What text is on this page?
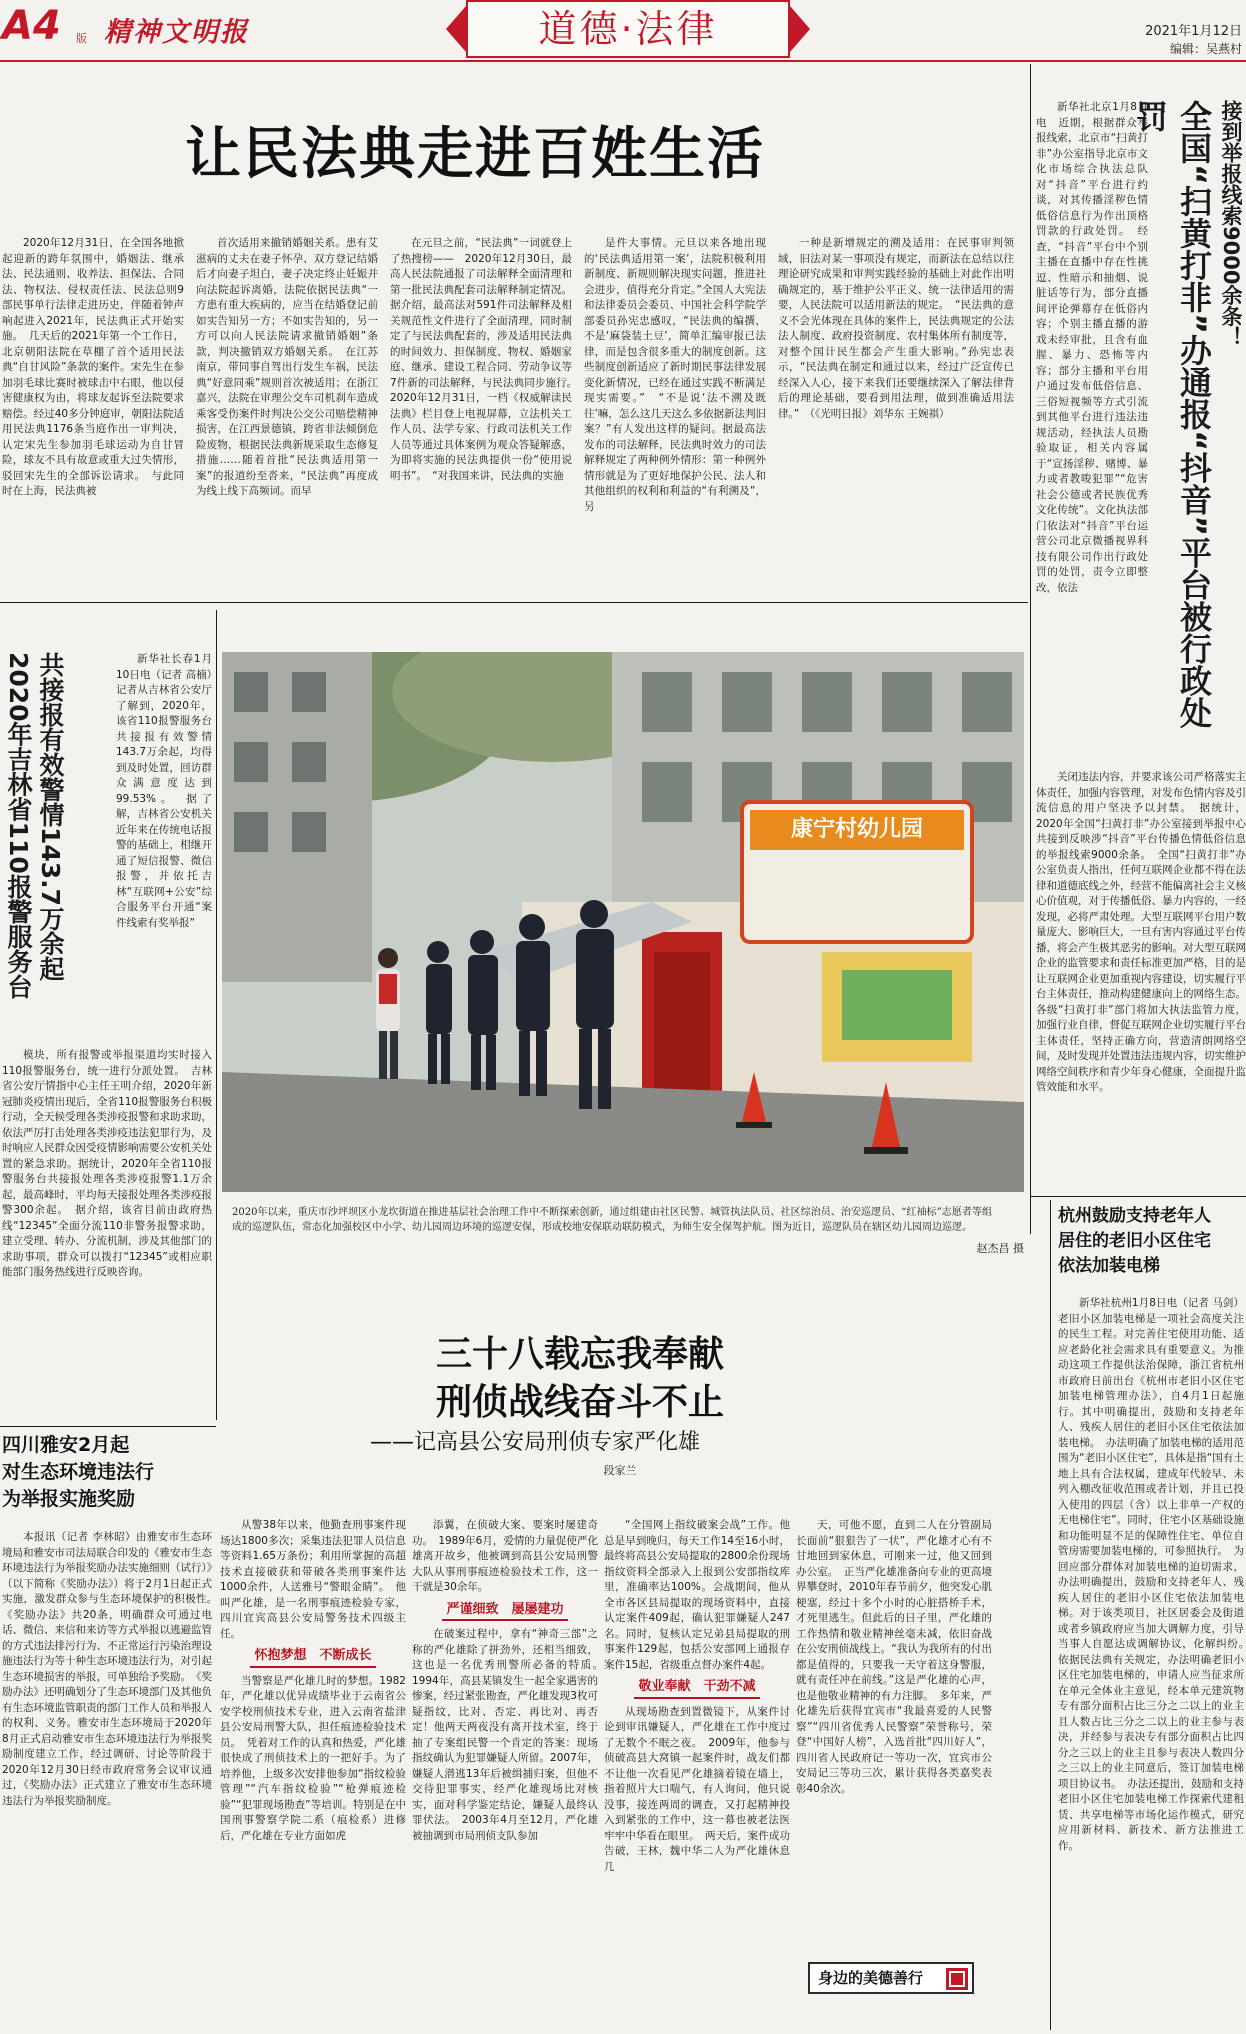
A4 版 精神文明报	道德·法律	2021年1月12日
编辑：吴燕村
让民法典走进百姓生活

2020年12月31日，在全国各地掀起迎新的跨年氛围中，婚姻法、继承法、民法通则、收养法、担保法、合同法、物权法、侵权责任法、民法总则9部民事单行法律走进历史，伴随着钟声响起进入2021年，民法典正式开始实施。　几天后的2021年第一个工作日，北京朝阳法院在草棚了首个适用民法典“自甘风险”条款的案件。宋先生在参加羽毛球比赛时被球击中右眼，他以侵害健康权为由，将球友起诉至法院要求赔偿。经过40多分钟庭审，朝阳法院适用民法典1176条当庭作出一审判决，认定宋先生参加羽毛球运动为自甘冒险，球友不具有故意或重大过失情形，驳回宋先生的全部诉讼请求。　与此同时在上海，民法典被

首次适用来撤销婚姻关系。患有艾滋病的丈夫在妻子怀孕、双方登记结婚后才向妻子坦白，妻子决定终止妊娠并向法院起诉离婚，法院依据民法典“一方患有重大疾病的，应当在结婚登记前如实告知另一方；不如实告知的，另一方可以向人民法院请求撤销婚姻”条款，判决撤销双方婚姻关系。　在江苏南京，带同事自驾出行发生车祸，民法典“好意同乘”规则首次被适用；在浙江嘉兴，法院在审理公交车司机刹车造成乘客受伤案件时判决公交公司赔偿精神损害，在江西景德镇，跨省非法倾倒危险废物，根据民法典新规采取生态修复措施……随着首批“民法典适用第一案”的报道纷至沓来，“民法典”再度成为线上线下高频词。而早

在元旦之前，“民法典”一词就登上了热搜榜——　2020年12月30日，最高人民法院通报了司法解释全面清理和第一批民法典配套司法解释制定情况。据介绍，最高法对591件司法解释及相关规范性文件进行了全面清理，同时制定了与民法典配套的，涉及适用民法典的时间效力、担保制度、物权、婚姻家庭、继承、建设工程合同、劳动争议等7件新的司法解释，与民法典同步施行。　2020年12月31日，一档《权威解读民法典》栏目登上电视屏幕，立法机关工作人员、法学专家、行政司法机关工作人员等通过具体案例为观众答疑解惑，为即将实施的民法典提供一份“使用说明书”。　“对我国来讲，民法典的实施

是件大事情。元旦以来各地出现的‘民法典适用第一案’，法院积极利用新制度、新规则解决现实问题，推进社会进步，值得充分肯定。”全国人大宪法和法律委员会委员、中国社会科学院学部委员孙宪忠感叹，“民法典的编撰，不是‘麻袋装土豆’，简单汇编审报已法律，而是包含很多重大的制度创新。这些制度创新适应了新时期民事法律发展变化新情况，已经在通过实践不断满足现实需要。”　“不是说‘法不溯及既往’嘛，怎么这几天这么多依据新法判旧案？”有人发出这样的疑问。据最高法发布的司法解释，民法典时效力的司法解释规定了两种例外情形：第一种例外情形就是为了更好地保护公民、法人和其他组织的权利和利益的“有利溯及”，另

一种是新增规定的溯及适用：在民事审判领域，旧法对某一事项没有规定，而新法在总结以往理论研究成果和审判实践经验的基础上对此作出明确规定的，基于维护公平正义、统一法律适用的需要，人民法院可以适用新法的规定。　“民法典的意义不会光体现在具体的案件上，民法典规定的公法法人制度、政府投资制度、农村集体所有制度等，对整个国计民生都会产生重大影响。”孙宪忠表示，“民法典在制定和通过以来，经过广泛宣传已经深入人心，接下来我们还要继续深入了解法律背后的理论基础，要看到用法理，做到准确适用法律。”　（《光明日报》刘华东 王婉祺）

新华社北京1月8日电　近期，根据群众举报线索，北京市“扫黄打非”办公室指导北京市文化市场综合执法总队对“抖音”平台进行约谈，对其传播淫秽色情低俗信息行为作出顶格罚款的行政处罚。　经查，“抖音”平台中个别主播在直播中存在性挑逗、性暗示和抽烟、说脏话等行为，部分直播间评论弹幕存在低俗内容；个别主播直播的游戏未经审批，且含有血腥、暴力、恐怖等内容；部分主播和平台用户通过发布低俗信息、三俗短视频等方式引流到其他平台进行违法违规活动，经执法人员勘验取证，相关内容属于“宣扬淫秽、赌博、暴力或者教唆犯罪”“危害社会公德或者民族优秀文化传统”。文化执法部门依法对“抖音”平台运营公司北京微播视界科技有限公司作出行政处罚的处罚，责令立即整改，依法

接到举报线索9000余条！
全国“扫黄打非”办通报“抖音”平台被行政处罚

关闭违法内容，并要求该公司严格落实主体责任，加强内容管理，对发布色情内容及引流信息的用户坚决予以封禁。　据统计，2020年全国“扫黄打非”办公室接到举报中心共接到反映涉“抖音”平台传播色情低俗信息的举报线索9000余条。　全国“扫黄打非”办公室负责人指出，任何互联网企业都不得在法律和道德底线之外，经营不能偏离社会主义核心价值观，对于传播低俗、暴力内容的，一经发现，必将严肃处理。大型互联网平台用户数量庞大、影响巨大，一旦有害内容通过平台传播，将会产生极其恶劣的影响。对大型互联网企业的监管要求和责任标准更加严格，目的是让互联网企业更加重视内容建设，切实履行平台主体责任，推动构建健康向上的网络生态。各级“扫黄打非”部门将加大执法监管力度，加强行业自律，督促互联网企业切实履行平台主体责任，坚持正确方向，营造清朗网络空间，及时发现并处置违法违规内容，切实维护网络空间秩序和青少年身心健康，全面提升监管效能和水平。

共接报有效警情143.7万余起
2020年吉林省110报警服务台	新华社长春1月10日电（记者 高楠）记者从吉林省公安厅了解到，2020年，该省110报警服务台共接报有效警情143.7万余起，均得到及时处置，回访群众满意度达到99.53%。　据了解，吉林省公安机关近年来在传统电话报警的基础上，相继开通了短信报警、微信报警，并依托吉林“互联网+公安”综合服务平台开通“案件线索有奖举报”

模块，所有报警或举报渠道均实时接入110报警服务台，统一进行分派处置。　吉林省公安厅情指中心主任王明介绍，2020年新冠肺炎疫情出现后，全省110报警服务台积极行动，全天候受理各类涉疫报警和求助求助，依法严厉打击处理各类涉疫违法犯罪行为，及时响应人民群众因受疫情影响需要公安机关处置的紧急求助。据统计，2020年全省110报警服务台共接报处理各类涉疫报警1.1万余起，最高峰时，平均每天接报处理各类涉疫报警300余起。　据介绍，该省目前由政府热线“12345”全面分流110非警务报警求助，建立受理、转办、分流机制，涉及其他部门的求助事项，群众可以拨打“12345”或相应职能部门服务热线进行反映咨询。

康宁村幼儿园
2020年以来，重庆市沙坪坝区小龙坎街道在推进基层社会治理工作中不断探索创新，通过组建由社区民警、城管执法队员、社区综治员、治安巡逻员、“红袖标”志愿者等组成的巡逻队伍，常态化加强校区中小学、幼儿园周边环境的巡逻安保，形成校地安保联动联防模式，为师生安全保驾护航。图为近日，巡逻队员在辖区幼儿园周边巡逻。
赵杰昌 摄
杭州鼓励支持老年人
居住的老旧小区住宅
依法加装电梯

新华社杭州1月8日电（记者 马剑）老旧小区加装电梯是一项社会高度关注的民生工程。对完善住宅使用功能、适应老龄化社会需求具有重要意义。为推动这项工作提供法治保障，浙江省杭州市政府日前出台《杭州市老旧小区住宅加装电梯管理办法》，自4月1日起施行。其中明确提出，鼓励和支持老年人、残疾人居住的老旧小区住宅依法加装电梯。　办法明确了加装电梯的适用范围为“老旧小区住宅”，具体是指“国有土地上具有合法权属，建成年代较早、未列入棚改征收范围或者计划，并且已投入使用的四层（含）以上非单一产权的无电梯住宅”。同时，住宅小区基础设施和功能明显不足的保障性住宅、单位自管房需要加装电梯的，可参照执行。　为回应部分群体对加装电梯的迫切需求，办法明确提出，鼓励和支持老年人、残疾人居住的老旧小区住宅依法加装电梯。对于该类项目，社区居委会及街道或者乡镇政府应当加大调解力度，引导当事人自愿达成调解协议，化解纠纷。　依据民法典有关规定，办法明确老旧小区住宅加装电梯的，申请人应当征求所在单元全体业主意见，经本单元建筑物专有部分面积占比三分之二以上的业主且人数占比三分之二以上的业主参与表决，并经参与表决专有部分面积占比四分之三以上的业主且参与表决人数四分之三以上的业主同意后，签订加装电梯项目协议书。　办法还提出，鼓励和支持老旧小区住宅加装电梯工作探索代建租赁、共享电梯等市场化运作模式，研究应用新材料、新技术、新方法推进工作。

三十八载忘我奉献
刑侦战线奋斗不止
——记高县公安局刑侦专家严化雄
段家兰

从警38年以来，他勤查刑事案件现场达1800多次；采集违法犯罪人员信息等资料1.65万条份；利用所掌握的高超技术直接破获和带破各类刑事案件达1000余件，人送雅号“警眼金睛”。　他叫严化雄，是一名刑事痕迹检验专家，四川宜宾高县公安局警务技术四级主任。

怀抱梦想　不断成长

当警察是严化雄儿时的梦想。1982年，严化雄以优异成绩毕业于云南省公安学校刑侦技术专业，进入云南省盐津县公安局刑警大队，担任痕迹检验技术员。　凭着对工作的认真和热爱，严化雄很快成了刑侦技术上的一把好手。为了培养他，上级多次安排他参加“指纹检验管理”“汽车指纹检验”“枪弹痕迹检验”“犯罪现场勘查”等培训。特别是在中国刑事警察学院二系（痕检系）进修后，严化雄在专业方面如虎

添翼，在侦破大案、要案时屡建奇功。　1989年6月，爱情的力量促使严化雄离开故乡，他被调到高县公安局刑警大队从事刑事痕迹检验技术工作，这一干就是30余年。

严谨细致　屡屡建功

在破案过程中，拿有“神奇三部”之称的严化雄除了拼劲外，还相当细致，这也是一名优秀刑警所必备的特质。　1994年，高县某镇发生一起全家遇害的惨案，经过紧张勘查，严化雄发现3枚可疑指纹，比对、否定、再比对、再否定！他两天两夜没有离开技术室，终于抽了专案组民警一个肯定的答案：现场指纹确认为犯罪嫌疑人所留。2007年，嫌疑人潜逃13年后被缉捕归案，但他不交待犯罪事实，经严化雄现场比对核实，面对科学鉴定结论，嫌疑人最终认罪伏法。　2003年4月至12月，严化雄被抽调到市局刑侦支队参加

“全国网上指纹破案会战”工作。他总是早到晚归，每天工作14至16小时，最终将高县公安局提取的2800余份现场指纹资料全部录入上报到公安部指纹库里，准确率达100%。会战期间，他从全市各区县局提取的现场资料中，直接认定案件409起，确认犯罪嫌疑人247名。同时，复核认定兄弟县局提取的刑事案件129起，包括公安部网上通报存案件15起，省级重点督办案件4起。

敬业奉献　干劲不减

从现场勘查到置微镜下，从案件讨论到审讯嫌疑人，严化雄在工作中度过了无数个不眠之夜。　2009年，他参与侦破高县大窝镇一起案件时，战友们都不让他一次看见严化雄摘着镜在墙上，指着照片大口喘气，有人询问，他只说没事，接连两周的调查，又打起精神投入到紧张的工作中，这一幕也被老法医牢牢中华看在眼里。　两天后，案件成功告破，王林，魏中华二人为严化雄休息几

天，可他不愿，直到二人在分管副局长面前“狠狠告了一状”，严化雄才心有不甘地回到家休息，可刚来一过，他又回到办公室。　正当严化雄准备向专业的更高境界攀登时，2010年春节前夕，他突发心肌梗塞，经过十多个小时的心脏搭桥手术，才死里逃生。但此后的日子里，严化雄的工作热情和敬业精神丝毫未减，依旧奋战在公安刑侦战线上。“我认为我所有的付出都是值得的，只要我一天守着这身警服，就有责任冲在前线。”这是严化雄的心声，也是他敬业精神的有力注脚。　多年来，严化雄先后获得宜宾市“我最喜爱的人民警察”“四川省优秀人民警察”荣誉称号，荣登“中国好人榜”，入选首批“四川好人”，四川省人民政府记一等功一次，宜宾市公安局记三等功三次，累计获得各类嘉奖表彰40余次。

身边的美德善行
四川雅安2月起
对生态环境违法行
为举报实施奖励

本报讯（记者 李林昭）由雅安市生态环境局和雅安市司法局联合印发的《雅安市生态环境违法行为举报奖励办法实施细则（试行）》（以下简称《奖励办法》）将于2月1日起正式实施，激发群众参与生态环境保护的积极性。　《奖励办法》共20条，明确群众可通过电话、微信、来信和来访等方式举报以逃避监管的方式违法排污行为、不正常运行污染治理设施违法行为等十种生态环境违法行为，对引起生态环境损害的举报，可单独给予奖励。　《奖励办法》还明确划分了生态环境部门及其他负有生态环境监管职责的部门工作人员和举报人的权利、义务。雅安市生态环境局于2020年8月正式启动雅安市生态环境违法行为举报奖励制度建立工作，经过调研、讨论等阶段于2020年12月30日经市政府常务会议审议通过，《奖励办法》正式建立了雅安市生态环境违法行为举报奖励制度。
